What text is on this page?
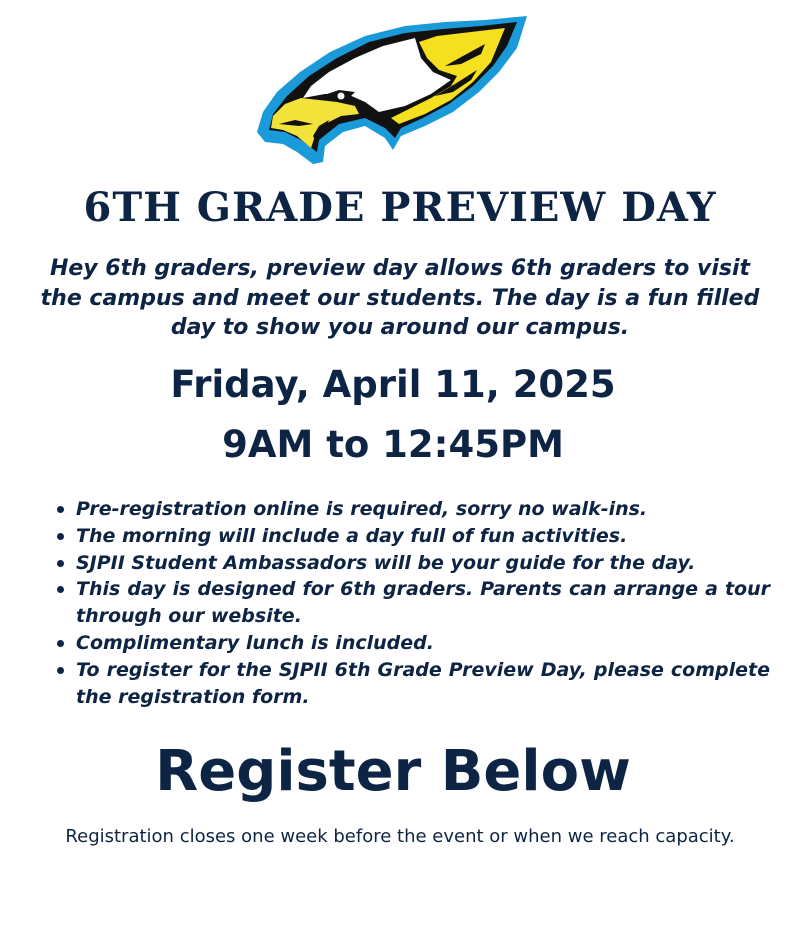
6TH GRADE PREVIEW DAY

Hey 6th graders, preview day allows 6th graders to visit the campus and meet our students. The day is a fun filled day to show you around our campus.

Friday, April 11, 2025

9AM to 12:45PM

Pre-registration online is required, sorry no walk-ins.
The morning will include a day full of fun activities.
SJPII Student Ambassadors will be your guide for the day.
This day is designed for 6th graders. Parents can arrange a tour through our website.
Complimentary lunch is included.
To register for the SJPII 6th Grade Preview Day, please complete the registration form.
Register Below

Registration closes one week before the event or when we reach capacity.
